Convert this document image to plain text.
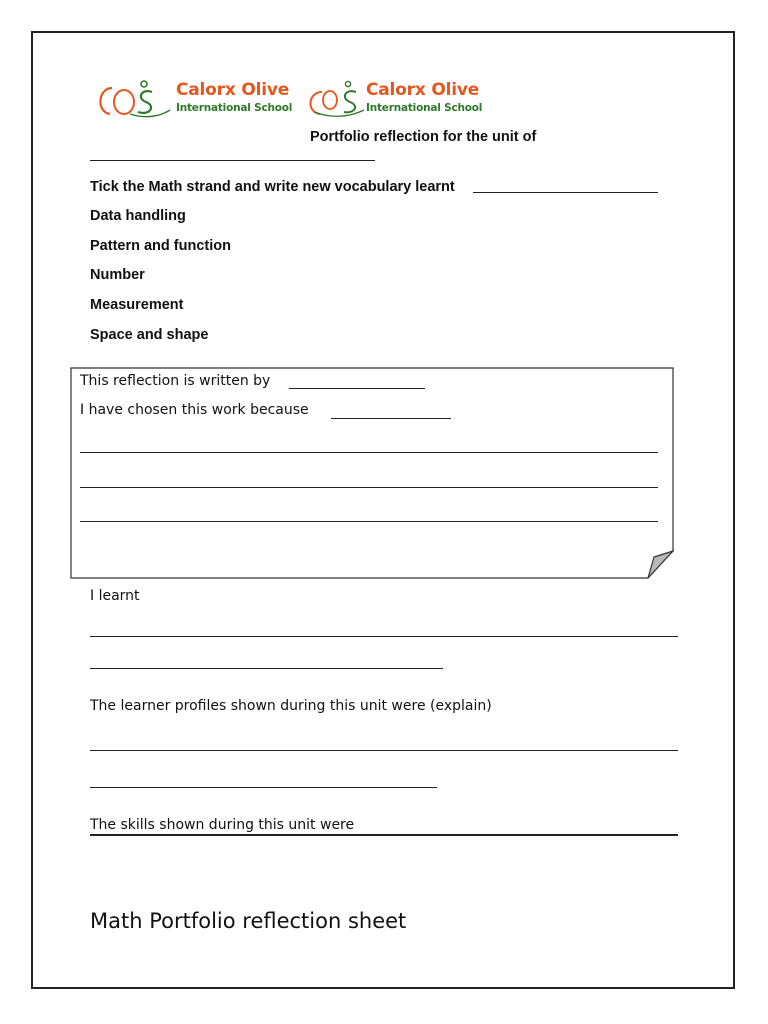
Calorx Olive
International School
Calorx Olive
International School
Portfolio reflection for the unit of
Tick the Math strand and write new vocabulary learnt
Data handling
Pattern and function
Number
Measurement
Space and shape
This reflection is written by
I have chosen this work because
I learnt
The learner profiles shown during this unit were (explain)
The skills shown during this unit were
Math Portfolio reflection sheet
